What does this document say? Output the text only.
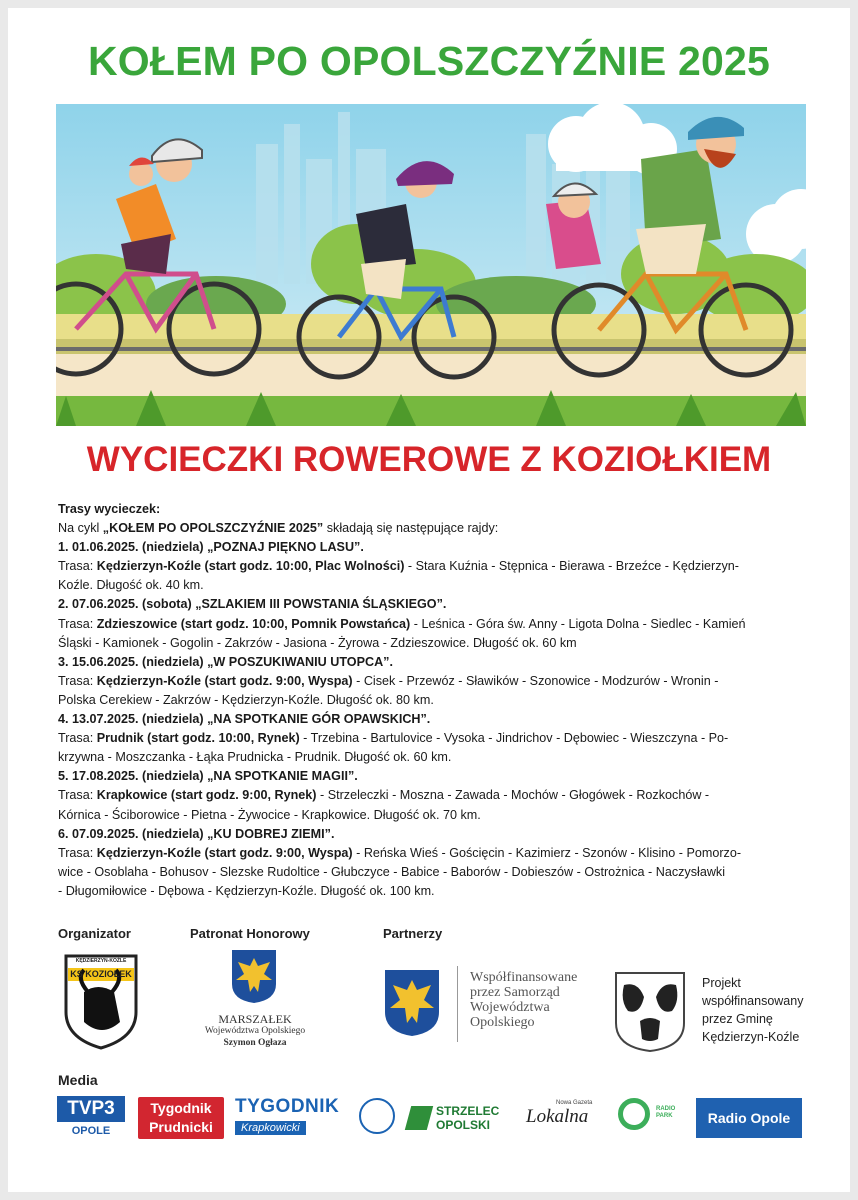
KOŁEM PO OPOLSZCZYŹNIE 2025
WYCIECZKI ROWEROWE Z KOZIOŁKIEM
Trasy wycieczek:
Na cykl „KOŁEM PO OPOLSZCZYŹNIE 2025” składają się następujące rajdy:
1. 01.06.2025. (niedziela) „POZNAJ PIĘKNO LASU”.
Trasa: Kędzierzyn-Koźle (start godz. 10:00, Plac Wolności) - Stara Kuźnia - Stępnica - Bierawa - Brzeźce - Kędzierzyn-
Koźle. Długość ok. 40 km.
2. 07.06.2025. (sobota) „SZLAKIEM III POWSTANIA ŚLĄSKIEGO”.
Trasa: Zdzieszowice (start godz. 10:00, Pomnik Powstańca) - Leśnica - Góra św. Anny - Ligota Dolna - Siedlec - Kamień
Śląski - Kamionek - Gogolin - Zakrzów - Jasiona - Żyrowa - Zdzieszowice. Długość ok. 60 km
3. 15.06.2025. (niedziela) „W POSZUKIWANIU UTOPCA”.
Trasa: Kędzierzyn-Koźle (start godz. 9:00, Wyspa) - Cisek - Przewóz - Sławików - Szonowice - Modzurów - Wronin -
Polska Cerekiew - Zakrzów - Kędzierzyn-Koźle. Długość ok. 80 km.
4. 13.07.2025. (niedziela) „NA SPOTKANIE GÓR OPAWSKICH”.
Trasa: Prudnik (start godz. 10:00, Rynek) - Trzebina - Bartulovice - Vysoka - Jindrichov - Dębowiec - Wieszczyna - Po-
krzywna - Moszczanka - Łąka Prudnicka - Prudnik. Długość ok. 60 km.
5. 17.08.2025. (niedziela) „NA SPOTKANIE MAGII”.
Trasa: Krapkowice (start godz. 9:00, Rynek) - Strzeleczki - Moszna - Zawada - Mochów - Głogówek - Rozkochów -
Kórnica - Ściborowice - Pietna - Żywocice - Krapkowice. Długość ok. 70 km.
6. 07.09.2025. (niedziela) „KU DOBREJ ZIEMI”.
Trasa: Kędzierzyn-Koźle (start godz. 9:00, Wyspa) - Reńska Wieś - Gościęcin - Kazimierz - Szonów - Klisino - Pomorzo-
wice - Osoblaha - Bohusov - Slezske Rudoltice - Głubczyce - Babice - Baborów - Dobieszów - Ostrożnica - Naczysławki
- Długomiłowice - Dębowa - Kędzierzyn-Koźle. Długość ok. 100 km.
Organizator	Patronat Honorowy	Partnerzy
KĘDZIERZYN-KOŹLE
KS KOZIOŁEK
MARSZAŁEK
Województwa Opolskiego
Szymon Ogłaza
Współfinansowane
przez Samorząd
Województwa
Opolskiego
Projekt
współfinansowany
przez Gminę
Kędzierzyn-Koźle
Media
TVP3
OPOLE
Tygodnik
Prudnicki
TYGODNIK
Krapkowicki
STRZELEC
OPOLSKI
Nowa Gazeta
Lokalna	RADIO PARK	Radio Opole
